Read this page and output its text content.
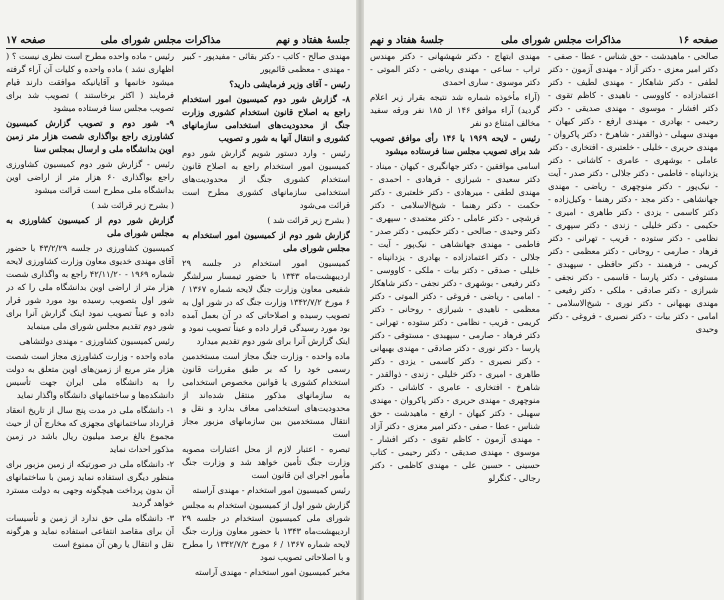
صفحه ۱۶
مذاکرات مجلس شورای ملی
جلسهٔ هفتاد و نهم

صالحی - ماهیدشت - حق شناس - عطا - صفی - دکتر امیر معزی - دکتر آزاد - مهندی آزمون - دکتر لطفی - دکتر شاهکار - مهندی لطیف - دکتر اعتمادزاده - کاووسی - ناهیدی - کاظم تقوی - دکتر افشار - موسوی - مهندی صدیقی - دکتر رحیمی - بهادری - مهندی ارفع - دکتر کیهان - مهندی سهیلی - ذوالقدر - شاهرخ - دکتر پاکروان - مهندی حریری - خلیلی - خلعتبری - افتخاری - دکتر عاملی - بوشهری - عامری - کاشانی - دکتر یزدانپناه - فاطمی - دکتر جلالی - دکتر صدر - آیت - نیک‌پور - دکتر منوچهری - ریاضی - مهندی جهانشاهی - دکتر مجد - دکتر رهنما - وکیل‌زاده - دکتر کاسمی - یزدی - دکتر طاهری - امیری - حکیمی - دکتر خلیلی - زندی - دکتر سپهری - نظامی - دکتر ستوده - قریب - تهرانی - دکتر فرهاد - صارمی - روحانی - دکتر معظمی - دکتر کریمی - فرهمند - دکتر حافظی - سپهبدی - مستوفی - دکتر پارسا - قاسمی - دکتر نجفی - شیرازی - دکتر صادقی - ملکی - دکتر رفیعی - مهندی بهبهانی - دکتر نوری - شیخ‌الاسلامی - امامی - دکتر بیات - دکتر نصیری - فروغی - دکتر وحیدی

مهندی ابتهاج - دکتر شهشهانی - دکتر مهندس تراب - ساعی - مهندی ریاضی - دکتر الموتی - دکتر موسوی - ساری احمدی

(آراء مأخوذه شماره شد نتیجه بقرار زیر اعلام گردید) آراء موافق ۱۴۶ از ۱۸۵ نفر ورقه سفید مخالف امتناع دو نفر

رئیس - لایحه ۱۹۶۹ با ۱۴۶ رأی موافق تصویب شد برای تصویب مجلس سنا فرستاده میشود

اسامی موافقین - دکتر جهانگیری - کیهان - میناد - دکتر سعیدی - شیرازی - فرهادی - احمدی - مهندی لطفی - میرهادی - دکتر خلعتبری - دکتر حکمت - دکتر رهنما - شیخ‌الاسلامی - دکتر فرشچی - دکتر عاملی - دکتر معتمدی - سپهری - دکتر وحیدی - صالحی - دکتر حکیمی - دکتر صدر - فاطمی - مهندی جهانشاهی - نیک‌پور - آیت - جلالی - دکتر اعتمادزاده - بهادری - یزدانپناه - خلیلی - صدقی - دکتر بیات - ملکی - کاووسی - دکتر رفیعی - بوشهری - دکتر نجفی - دکتر شاهکار - امامی - ریاضی - فروغی - دکتر الموتی - دکتر معظمی - ناهیدی - شیرازی - روحانی - دکتر کریمی - قریب - نظامی - دکتر ستوده - تهرانی - دکتر فرهاد - صارمی - سپهبدی - مستوفی - دکتر پارسا - دکتر نوری - دکتر صادقی - مهندی بهبهانی - دکتر نصیری - دکتر کاسمی - یزدی - دکتر طاهری - امیری - دکتر خلیلی - زندی - ذوالقدر - شاهرخ - افتخاری - عامری - کاشانی - دکتر منوچهری - مهندی حریری - دکتر پاکروان - مهندی سهیلی - دکتر کیهان - ارفع - ماهیدشت - حق شناس - عطا - صفی - دکتر امیر معزی - دکتر آزاد - مهندی آزمون - کاظم تقوی - دکتر افشار - موسوی - مهندی صدیقی - دکتر رحیمی - کتاب حسینی - حسین علی - مهندی کاظمی - دکتر رجالی - کنگرلو

جلسهٔ هفتاد و نهم
مذاکرات مجلس شورای ملی
صفحه ۱۷

مهندی صالح - کاتب - دکتر بقائی - مفیدپور - کبیر - مهندی - معظمی قائم‌پور

رئیس - آقای وزیر فرمایشی دارید؟

۸- گزارش شور دوم کمیسیون امور استخدام راجع به اصلاح قانون استخدام کشوری وزارت جنگ از محدودیت‌های استخدامی سازمانهای کشوری و انتقال آنها به شور و تصویب

رئیس - وارد دستور شویم گزارش شور دوم کمیسیون امور استخدام راجع به اصلاح قانون استخدام کشوری جنگ از محدودیت‌های استخدامی سازمانهای کشوری مطرح است قرائت می‌شود

( بشرح زیر قرائت شد )

گزارش شور دوم از کمیسیون امور استخدام به مجلس شورای ملی

کمیسیون امور استخدام در جلسه ۲۹ اردیبهشت‌ماه ۱۳۴۳ با حضور تیمسار سرلشگر شفیعی معاون وزارت جنگ لایحه شماره ۱۳۶۷ / ۶ مورخ ۱۳۴۲/۷/۲ وزارت جنگ که در شور اول به تصویب رسیده و اصلاحاتی که در آن بعمل آمده بود مورد رسیدگی قرار داده و عیناً تصویب نمود و اینک گزارش آنرا برای شور دوم تقدیم میدارد

ماده واحده - وزارت جنگ مجاز است مستخدمین رسمی خود را که بر طبق مقررات قانون استخدام کشوری یا قوانین مخصوص استخدامی به سازمانهای مذکور منتقل شده‌اند از محدودیت‌های استخدامی معاف بدارد و نقل و انتقال مستخدمین بین سازمانهای مزبور مجاز است

تبصره - اعتبار لازم از محل اعتبارات مصوبه وزارت جنگ تأمین خواهد شد و وزارت جنگ مأمور اجرای این قانون است

رئیس کمیسیون امور استخدام - مهندی آراسته

گزارش شور اول از کمیسیون استخدام به مجلس شورای ملی کمیسیون استخدام در جلسه ۲۹ اردیبهشت‌ماه ۱۳۴۳ با حضور معاون وزارت جنگ لایحه شماره ۱۳۶۷ / ۶ مورخ ۱۳۴۲/۷/۲ را مطرح و با اصلاحاتی تصویب نمود

مخبر کمیسیون امور استخدام - مهندی آراسته

رئیس - ماده واحده مطرح است نظری نیست ؟ ( اظهاری نشد ) ماده واحده و کلیات آن آراء گرفته میشود خانمها و آقایانیکه موافقت دارند قیام فرمایند ( اکثر برخاستند ) تصویب شد برای تصویب مجلس سنا فرستاده میشود

۹- شور دوم و تصویب گزارش کمیسیون کشاورزی راجع بواگذاری شصت هزار متر زمین اوین بدانشگاه ملی و ارسال بمجلس سنا

رئیس - گزارش شور دوم کمیسیون کشاورزی راجع بواگذاری ۶۰ هزار متر از اراضی اوین بدانشگاه ملی مطرح است قرائت میشود

( بشرح زیر قرائت شد )

گزارش شور دوم از کمیسیون کشاورزی به مجلس شورای ملی

کمیسیون کشاورزی در جلسه ۴۳/۲/۲۹ با حضور آقای مهندی خدیوی معاون وزارت کشاورزی لایحه شماره ۱۹۶۹ - ۴۲/۱۱/۲۰ راجع به واگذاری شصت هزار متر از اراضی اوین بدانشگاه ملی را که در شور اول بتصویب رسیده بود مورد شور قرار داده و عیناً تصویب نمود اینک گزارش آنرا برای شور دوم تقدیم مجلس شورای ملی مینماید

رئیس کمیسیون کشاورزی - مهندی دولتشاهی

ماده واحده - وزارت کشاورزی مجاز است شصت هزار متر مربع از زمین‌های اوین متعلق به دولت را به دانشگاه ملی ایران جهت تأسیس دانشکده‌ها و ساختمانهای دانشگاه واگذار نماید

۱- دانشگاه ملی در مدت پنج سال از تاریخ انعقاد قرارداد ساختمانهای مجهزی که مخارج آن از حیث مجموع بالغ برصد میلیون ریال باشد در زمین مذکور احداث نماید

۲- دانشگاه ملی در صورتیکه از زمین مزبور برای منظور دیگری استفاده نماید زمین با ساختمانهای آن بدون پرداخت هیچگونه وجهی به دولت مسترد خواهد گردید

۳- دانشگاه ملی حق ندارد از زمین و تأسیسات آن برای مقاصد انتفاعی استفاده نماید و هرگونه نقل و انتقال یا رهن آن ممنوع است
